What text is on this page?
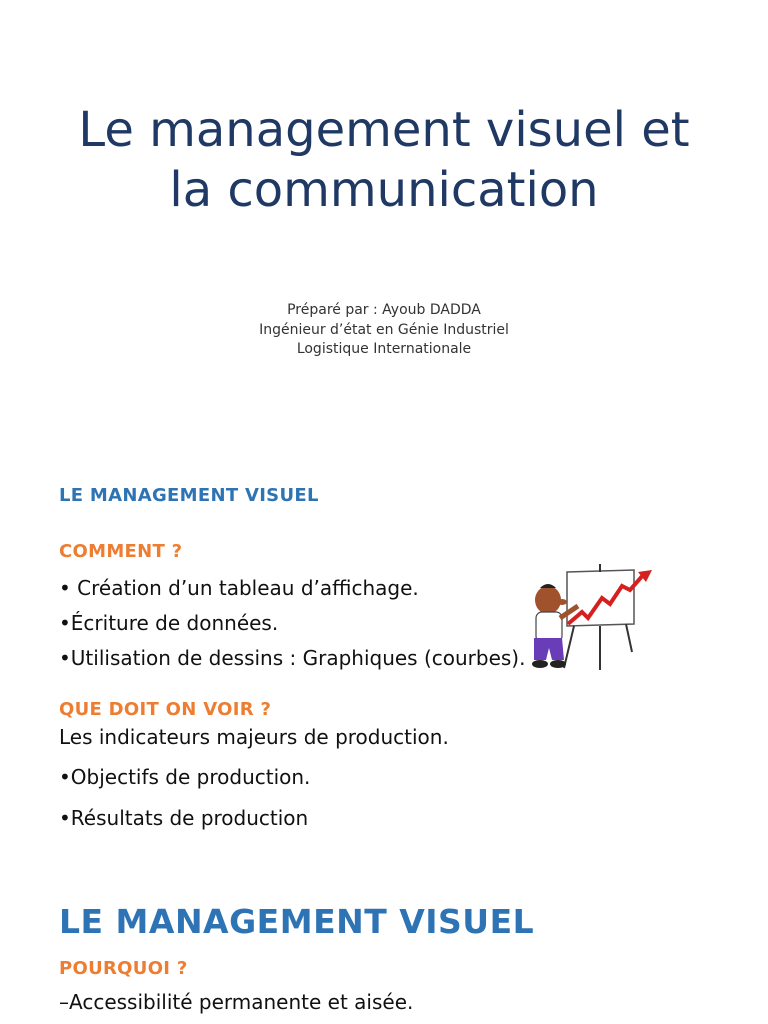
Le management visuel et
la communication
Préparé par : Ayoub DADDA
Ingénieur d’état en Génie Industriel
Logistique Internationale
LE MANAGEMENT VISUEL
COMMENT ?
• Création d’un tableau d’affichage.
•Écriture de données.
•Utilisation de dessins : Graphiques (courbes).
QUE DOIT ON VOIR ?
Les indicateurs majeurs de production.
•Objectifs de production.
•Résultats de production
LE MANAGEMENT VISUEL
POURQUOI ?
–Accessibilité permanente et aisée.
